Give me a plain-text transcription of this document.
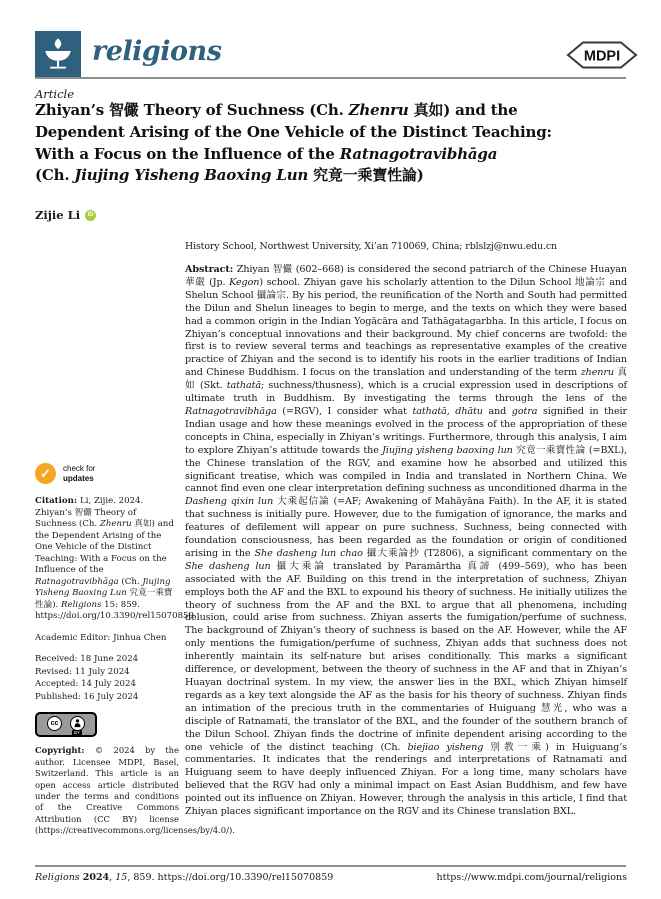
religions	MDPI
Article
Zhiyan’s 智儼 Theory of Suchness (Ch. Zhenru 真如) and the
Dependent Arising of the One Vehicle of the Distinct Teaching:
With a Focus on the Influence of the Ratnagotravibhāga
(Ch. Jiujing Yisheng Baoxing Lun 究竟一乘寶性論)
Zijie Li	iD
History School, Northwest University, Xi’an 710069, China; rblslzj@nwu.edu.cn
Abstract: Zhiyan 智儼 (602–668) is considered the second patriarch of the Chinese Huayan 華嚴 (Jp. Kegon) school. Zhiyan gave his scholarly attention to the Dilun School 地論宗 and Shelun School 攝論宗. By his period, the reunification of the North and South had permitted the Dilun and Shelun lineages to begin to merge, and the texts on which they were based had a common origin in the Indian Yogācāra and Tathāgatagarbha. In this article, I focus on Zhiyan’s conceptual innovations and their background. My chief concerns are twofold: the first is to review several terms and teachings as representative examples of the creative practice of Zhiyan and the second is to identify his roots in the earlier traditions of Indian and Chinese Buddhism. I focus on the translation and understanding of the term zhenru 真如 (Skt. tathatā; suchness/thusness), which is a crucial expression used in descriptions of ultimate truth in Buddhism. By investigating the terms through the lens of the Ratnagotravibhāga (=RGV), I consider what tathatā, dhātu and gotra signified in their Indian usage and how these meanings evolved in the process of the appropriation of these concepts in China, especially in Zhiyan’s writings. Furthermore, through this analysis, I aim to explore Zhiyan’s attitude towards the Jiujing yisheng baoxing lun 究竟一乘寶性論 (=BXL), the Chinese translation of the RGV, and examine how he absorbed and utilized this significant treatise, which was compiled in India and translated in Northern China. We cannot find even one clear interpretation defining suchness as unconditioned dharma in the Dasheng qixin lun 大乘起信論 (=AF; Awakening of Mahāyāna Faith). In the AF, it is stated that suchness is initially pure. However, due to the fumigation of ignorance, the marks and features of defilement will appear on pure suchness. Suchness, being connected with foundation consciousness, has been regarded as the foundation or origin of conditioned arising in the She dasheng lun chao 攝大乘論抄 (T2806), a significant commentary on the She dasheng lun 攝大乘論 translated by Paramārtha 真諦 (499–569), who has been associated with the AF. Building on this trend in the interpretation of suchness, Zhiyan employs both the AF and the BXL to expound his theory of suchness. He initially utilizes the theory of suchness from the AF and the BXL to argue that all phenomena, including delusion, could arise from suchness. Zhiyan asserts the fumigation/perfume of suchness. The background of Zhiyan’s theory of suchness is based on the AF. However, while the AF only mentions the fumigation/perfume of suchness, Zhiyan adds that suchness does not inherently maintain its self-nature but arises conditionally. This marks a significant difference, or development, between the theory of suchness in the AF and that in Zhiyan’s Huayan doctrinal system. In my view, the answer lies in the BXL, which Zhiyan himself regards as a key text alongside the AF as the basis for his theory of suchness. Zhiyan finds an intimation of the precious truth in the commentaries of Huiguang 慧光, who was a disciple of Ratnamati, the translator of the BXL, and the founder of the southern branch of the Dilun School. Zhiyan finds the doctrine of infinite dependent arising according to the one vehicle of the distinct teaching (Ch. biejiao yisheng 別教一乘) in Huiguang’s commentaries. It indicates that the renderings and interpretations of Ratnamati and Huiguang seem to have deeply influenced Zhiyan. For a long time, many scholars have believed that the RGV had only a minimal impact on East Asian Buddhism, and few have pointed out its influence on Zhiyan. However, through the analysis in this article, I find that Zhiyan places significant importance on the RGV and its Chinese translation BXL.
✓	check for
updates
Citation: Li, Zijie. 2024. Zhiyan’s 智儼 Theory of Suchness (Ch. Zhenru 真如) and the Dependent Arising of the One Vehicle of the Distinct Teaching: With a Focus on the Influence of the Ratnagotravibhāga (Ch. Jiujing Yisheng Baoxing Lun 究竟一乘寶性論). Religions 15: 859. https://doi.org/10.3390/rel15070859
Academic Editor: Jinhua Chen
Received: 18 June 2024
Revised: 11 July 2024
Accepted: 14 July 2024
Published: 16 July 2024
cc
BY
Copyright: © 2024 by the author. Licensee MDPI, Basel, Switzerland. This article is an open access article distributed under the terms and conditions of the Creative Commons Attribution (CC BY) license (https://creativecommons.org/licenses/by/4.0/).
Religions 2024, 15, 859. https://doi.org/10.3390/rel15070859	https://www.mdpi.com/journal/religions
